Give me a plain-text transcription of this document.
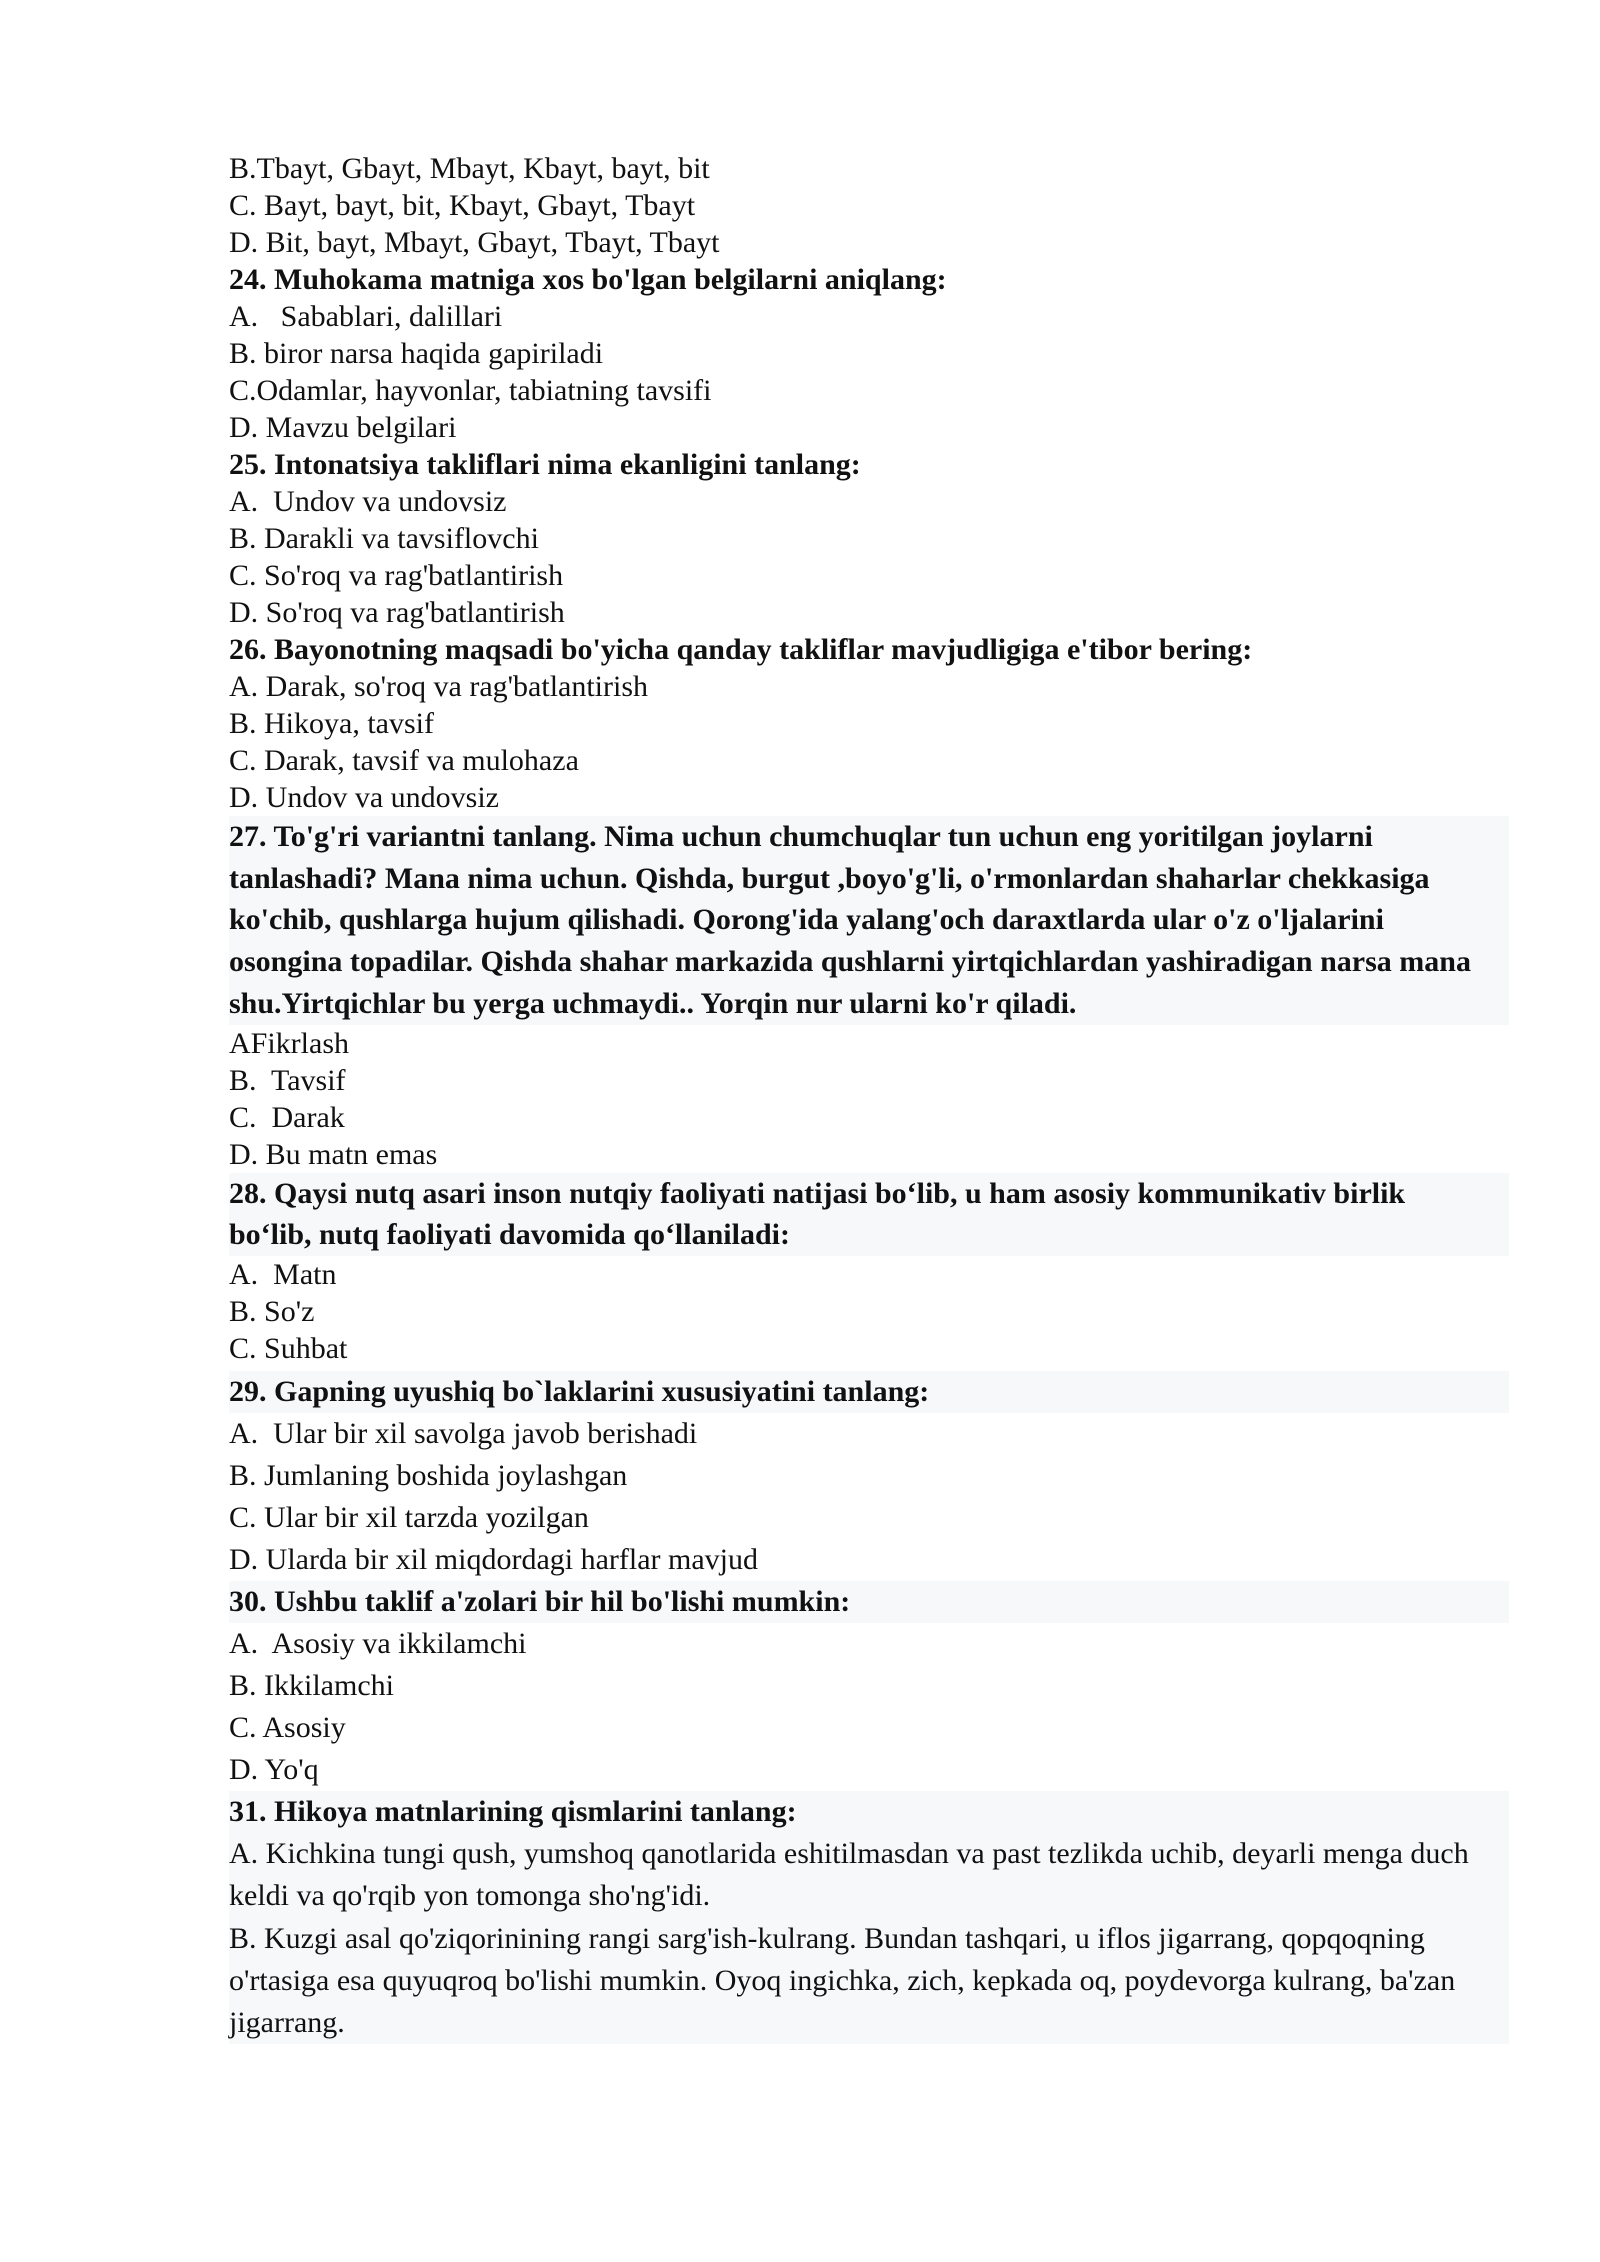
B.Tbayt, Gbayt, Mbayt, Kbayt, bayt, bit
C. Bayt, bayt, bit, Kbayt, Gbayt, Tbayt
D. Bit, bayt, Mbayt, Gbayt, Tbayt, Tbayt
24. Muhokama matniga xos bo'lgan belgilarni aniqlang:
A.   Sabablari, dalillari
B. biror narsa haqida gapiriladi
C.Odamlar, hayvonlar, tabiatning tavsifi
D. Mavzu belgilari
25. Intonatsiya takliflari nima ekanligini tanlang:
A.  Undov va undovsiz
B. Darakli va tavsiflovchi
C. So'roq va rag'batlantirish
D. So'roq va rag'batlantirish
26. Bayonotning maqsadi bo'yicha qanday takliflar mavjudligiga e'tibor bering:
A. Darak, so'roq va rag'batlantirish
B. Hikoya, tavsif
C. Darak, tavsif va mulohaza
D. Undov va undovsiz
27. To'g'ri variantni tanlang. Nima uchun chumchuqlar tun uchun eng yoritilgan joylarni tanlashadi? Mana nima uchun. Qishda, burgut ,boyo'g'li, o'rmonlardan shaharlar chekkasiga ko'chib, qushlarga hujum qilishadi. Qorong'ida yalang'och daraxtlarda ular o'z o'ljalarini osongina topadilar. Qishda shahar markazida qushlarni yirtqichlardan yashiradigan narsa mana shu.Yirtqichlar bu yerga uchmaydi.. Yorqin nur ularni ko'r qiladi.
AFikrlash
B.  Tavsif
C.  Darak
D. Bu matn emas
28. Qaysi nutq asari inson nutqiy faoliyati natijasi bo‘lib, u ham asosiy kommunikativ birlik bo‘lib, nutq faoliyati davomida qo‘llaniladi:
A.  Matn
B. So'z
C. Suhbat
29. Gapning uyushiq bo`laklarini xususiyatini tanlang:
A.  Ular bir xil savolga javob berishadi
B. Jumlaning boshida joylashgan
C. Ular bir xil tarzda yozilgan
D. Ularda bir xil miqdordagi harflar mavjud
30. Ushbu taklif a'zolari bir hil bo'lishi mumkin:
A.  Asosiy va ikkilamchi
B. Ikkilamchi
C. Asosiy
D. Yo'q
31. Hikoya matnlarining qismlarini tanlang:
A. Kichkina tungi qush, yumshoq qanotlarida eshitilmasdan va past tezlikda uchib, deyarli menga duch keldi va qo'rqib yon tomonga sho'ng'idi.
B. Kuzgi asal qo'ziqorinining rangi sarg'ish-kulrang. Bundan tashqari, u iflos jigarrang, qopqoqning o'rtasiga esa quyuqroq bo'lishi mumkin. Oyoq ingichka, zich, kepkada oq, poydevorga kulrang, ba'zan jigarrang.
